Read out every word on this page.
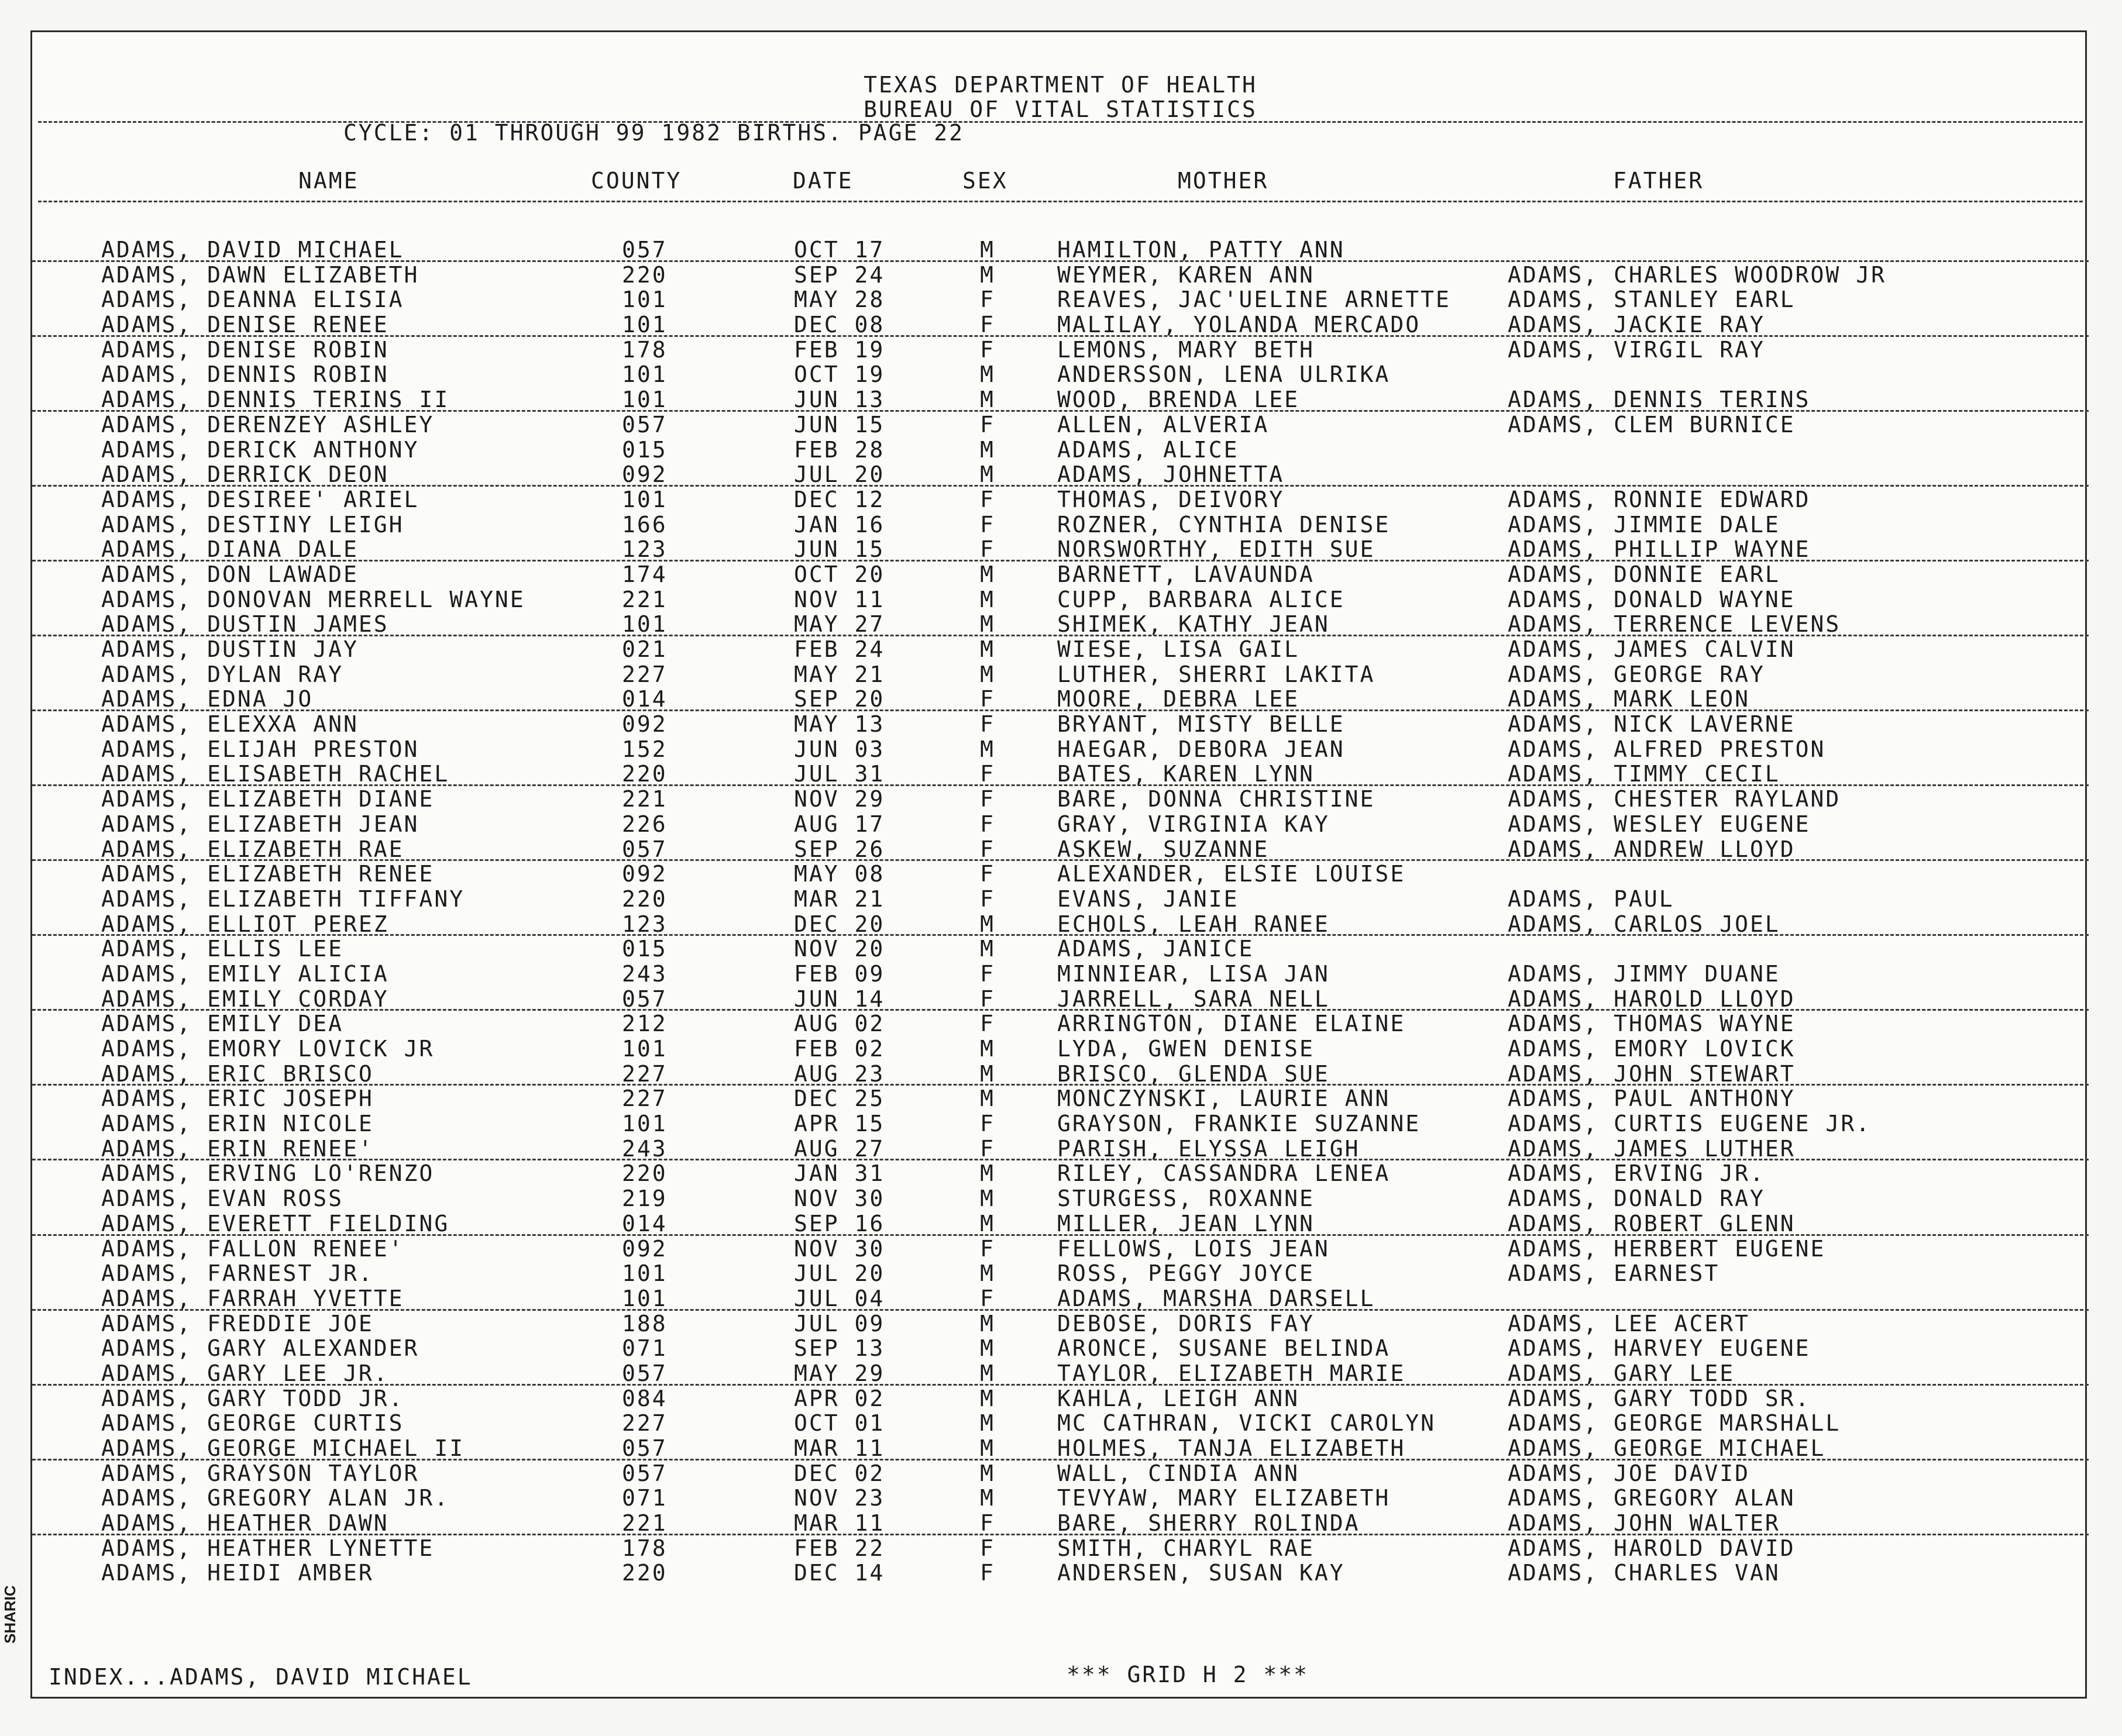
TEXAS DEPARTMENT OF HEALTH
BUREAU OF VITAL STATISTICS
CYCLE: 01 THROUGH 99 1982 BIRTHS. PAGE 22
NAME	COUNTY	DATE	SEX	MOTHER	FATHER
ADAMS, DAVID MICHAEL	057	OCT 17	M	HAMILTON, PATTY ANN
ADAMS, DAWN ELIZABETH	220	SEP 24	M	WEYMER, KAREN ANN	ADAMS, CHARLES WOODROW JR
ADAMS, DEANNA ELISIA	101	MAY 28	F	REAVES, JAC'UELINE ARNETTE	ADAMS, STANLEY EARL
ADAMS, DENISE RENEE	101	DEC 08	F	MALILAY, YOLANDA MERCADO	ADAMS, JACKIE RAY
ADAMS, DENISE ROBIN	178	FEB 19	F	LEMONS, MARY BETH	ADAMS, VIRGIL RAY
ADAMS, DENNIS ROBIN	101	OCT 19	M	ANDERSSON, LENA ULRIKA
ADAMS, DENNIS TERINS II	101	JUN 13	M	WOOD, BRENDA LEE	ADAMS, DENNIS TERINS
ADAMS, DERENZEY ASHLEY	057	JUN 15	F	ALLEN, ALVERIA	ADAMS, CLEM BURNICE
ADAMS, DERICK ANTHONY	015	FEB 28	M	ADAMS, ALICE
ADAMS, DERRICK DEON	092	JUL 20	M	ADAMS, JOHNETTA
ADAMS, DESIREE' ARIEL	101	DEC 12	F	THOMAS, DEIVORY	ADAMS, RONNIE EDWARD
ADAMS, DESTINY LEIGH	166	JAN 16	F	ROZNER, CYNTHIA DENISE	ADAMS, JIMMIE DALE
ADAMS, DIANA DALE	123	JUN 15	F	NORSWORTHY, EDITH SUE	ADAMS, PHILLIP WAYNE
ADAMS, DON LAWADE	174	OCT 20	M	BARNETT, LAVAUNDA	ADAMS, DONNIE EARL
ADAMS, DONOVAN MERRELL WAYNE	221	NOV 11	M	CUPP, BARBARA ALICE	ADAMS, DONALD WAYNE
ADAMS, DUSTIN JAMES	101	MAY 27	M	SHIMEK, KATHY JEAN	ADAMS, TERRENCE LEVENS
ADAMS, DUSTIN JAY	021	FEB 24	M	WIESE, LISA GAIL	ADAMS, JAMES CALVIN
ADAMS, DYLAN RAY	227	MAY 21	M	LUTHER, SHERRI LAKITA	ADAMS, GEORGE RAY
ADAMS, EDNA JO	014	SEP 20	F	MOORE, DEBRA LEE	ADAMS, MARK LEON
ADAMS, ELEXXA ANN	092	MAY 13	F	BRYANT, MISTY BELLE	ADAMS, NICK LAVERNE
ADAMS, ELIJAH PRESTON	152	JUN 03	M	HAEGAR, DEBORA JEAN	ADAMS, ALFRED PRESTON
ADAMS, ELISABETH RACHEL	220	JUL 31	F	BATES, KAREN LYNN	ADAMS, TIMMY CECIL
ADAMS, ELIZABETH DIANE	221	NOV 29	F	BARE, DONNA CHRISTINE	ADAMS, CHESTER RAYLAND
ADAMS, ELIZABETH JEAN	226	AUG 17	F	GRAY, VIRGINIA KAY	ADAMS, WESLEY EUGENE
ADAMS, ELIZABETH RAE	057	SEP 26	F	ASKEW, SUZANNE	ADAMS, ANDREW LLOYD
ADAMS, ELIZABETH RENEE	092	MAY 08	F	ALEXANDER, ELSIE LOUISE
ADAMS, ELIZABETH TIFFANY	220	MAR 21	F	EVANS, JANIE	ADAMS, PAUL
ADAMS, ELLIOT PEREZ	123	DEC 20	M	ECHOLS, LEAH RANEE	ADAMS, CARLOS JOEL
ADAMS, ELLIS LEE	015	NOV 20	M	ADAMS, JANICE
ADAMS, EMILY ALICIA	243	FEB 09	F	MINNIEAR, LISA JAN	ADAMS, JIMMY DUANE
ADAMS, EMILY CORDAY	057	JUN 14	F	JARRELL, SARA NELL	ADAMS, HAROLD LLOYD
ADAMS, EMILY DEA	212	AUG 02	F	ARRINGTON, DIANE ELAINE	ADAMS, THOMAS WAYNE
ADAMS, EMORY LOVICK JR	101	FEB 02	M	LYDA, GWEN DENISE	ADAMS, EMORY LOVICK
ADAMS, ERIC BRISCO	227	AUG 23	M	BRISCO, GLENDA SUE	ADAMS, JOHN STEWART
ADAMS, ERIC JOSEPH	227	DEC 25	M	MONCZYNSKI, LAURIE ANN	ADAMS, PAUL ANTHONY
ADAMS, ERIN NICOLE	101	APR 15	F	GRAYSON, FRANKIE SUZANNE	ADAMS, CURTIS EUGENE JR.
ADAMS, ERIN RENEE'	243	AUG 27	F	PARISH, ELYSSA LEIGH	ADAMS, JAMES LUTHER
ADAMS, ERVING LO'RENZO	220	JAN 31	M	RILEY, CASSANDRA LENEA	ADAMS, ERVING JR.
ADAMS, EVAN ROSS	219	NOV 30	M	STURGESS, ROXANNE	ADAMS, DONALD RAY
ADAMS, EVERETT FIELDING	014	SEP 16	M	MILLER, JEAN LYNN	ADAMS, ROBERT GLENN
ADAMS, FALLON RENEE'	092	NOV 30	F	FELLOWS, LOIS JEAN	ADAMS, HERBERT EUGENE
ADAMS, FARNEST JR.	101	JUL 20	M	ROSS, PEGGY JOYCE	ADAMS, EARNEST
ADAMS, FARRAH YVETTE	101	JUL 04	F	ADAMS, MARSHA DARSELL
ADAMS, FREDDIE JOE	188	JUL 09	M	DEBOSE, DORIS FAY	ADAMS, LEE ACERT
ADAMS, GARY ALEXANDER	071	SEP 13	M	ARONCE, SUSANE BELINDA	ADAMS, HARVEY EUGENE
ADAMS, GARY LEE JR.	057	MAY 29	M	TAYLOR, ELIZABETH MARIE	ADAMS, GARY LEE
ADAMS, GARY TODD JR.	084	APR 02	M	KAHLA, LEIGH ANN	ADAMS, GARY TODD SR.
ADAMS, GEORGE CURTIS	227	OCT 01	M	MC CATHRAN, VICKI CAROLYN	ADAMS, GEORGE MARSHALL
ADAMS, GEORGE MICHAEL II	057	MAR 11	M	HOLMES, TANJA ELIZABETH	ADAMS, GEORGE MICHAEL
ADAMS, GRAYSON TAYLOR	057	DEC 02	M	WALL, CINDIA ANN	ADAMS, JOE DAVID
ADAMS, GREGORY ALAN JR.	071	NOV 23	M	TEVYAW, MARY ELIZABETH	ADAMS, GREGORY ALAN
ADAMS, HEATHER DAWN	221	MAR 11	F	BARE, SHERRY ROLINDA	ADAMS, JOHN WALTER
ADAMS, HEATHER LYNETTE	178	FEB 22	F	SMITH, CHARYL RAE	ADAMS, HAROLD DAVID
ADAMS, HEIDI AMBER	220	DEC 14	F	ANDERSEN, SUSAN KAY	ADAMS, CHARLES VAN
INDEX...ADAMS, DAVID MICHAEL	*** GRID H 2 ***
SHARIC
